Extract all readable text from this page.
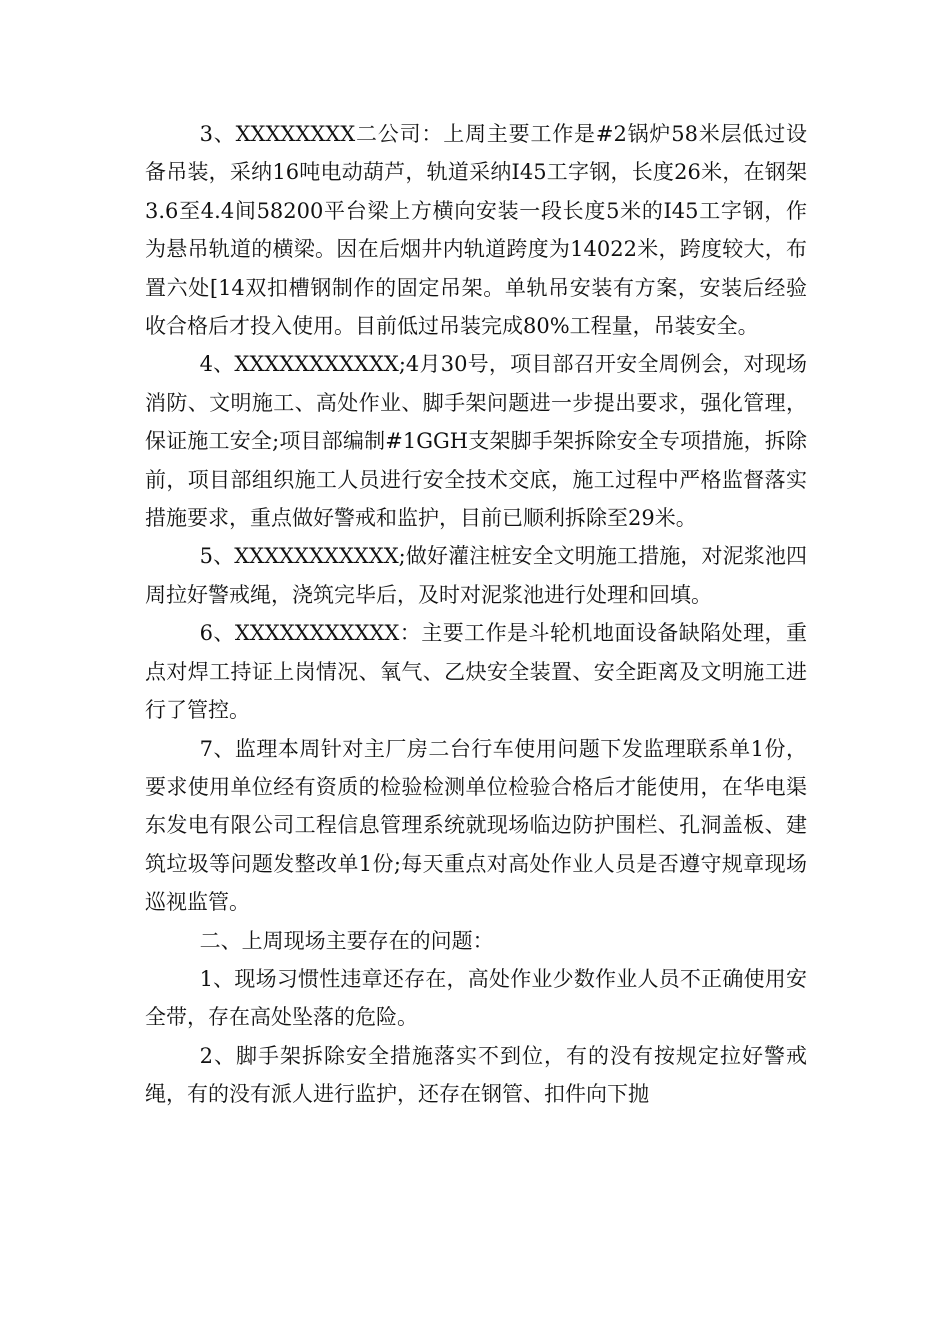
3、XXXXXXXX二公司：上周主要工作是#2锅炉58米层低过设备吊装，采纳16吨电动葫芦，轨道采纳I45工字钢，长度26米，在钢架3.6至4.4间58200平台梁上方横向安装一段长度5米的I45工字钢，作为悬吊轨道的横梁。因在后烟井内轨道跨度为14022米，跨度较大，布置六处[14双扣槽钢制作的固定吊架。单轨吊安装有方案，安装后经验收合格后才投入使用。目前低过吊装完成80%工程量，吊装安全。

4、XXXXXXXXXXX;4月30号，项目部召开安全周例会，对现场消防、文明施工、高处作业、脚手架问题进一步提出要求，强化管理，保证施工安全;项目部编制#1GGH支架脚手架拆除安全专项措施，拆除前，项目部组织施工人员进行安全技术交底，施工过程中严格监督落实措施要求，重点做好警戒和监护，目前已顺利拆除至29米。

5、XXXXXXXXXXX;做好灌注桩安全文明施工措施，对泥浆池四周拉好警戒绳，浇筑完毕后，及时对泥浆池进行处理和回填。

6、XXXXXXXXXXX：主要工作是斗轮机地面设备缺陷处理，重点对焊工持证上岗情况、氧气、乙炔安全装置、安全距离及文明施工进行了管控。

7、监理本周针对主厂房二台行车使用问题下发监理联系单1份，要求使用单位经有资质的检验检测单位检验合格后才能使用，在华电渠东发电有限公司工程信息管理系统就现场临边防护围栏、孔洞盖板、建筑垃圾等问题发整改单1份;每天重点对高处作业人员是否遵守规章现场巡视监管。

二、上周现场主要存在的问题：

1、现场习惯性违章还存在，高处作业少数作业人员不正确使用安全带，存在高处坠落的危险。

2、脚手架拆除安全措施落实不到位，有的没有按规定拉好警戒绳，有的没有派人进行监护，还存在钢管、扣件向下抛
